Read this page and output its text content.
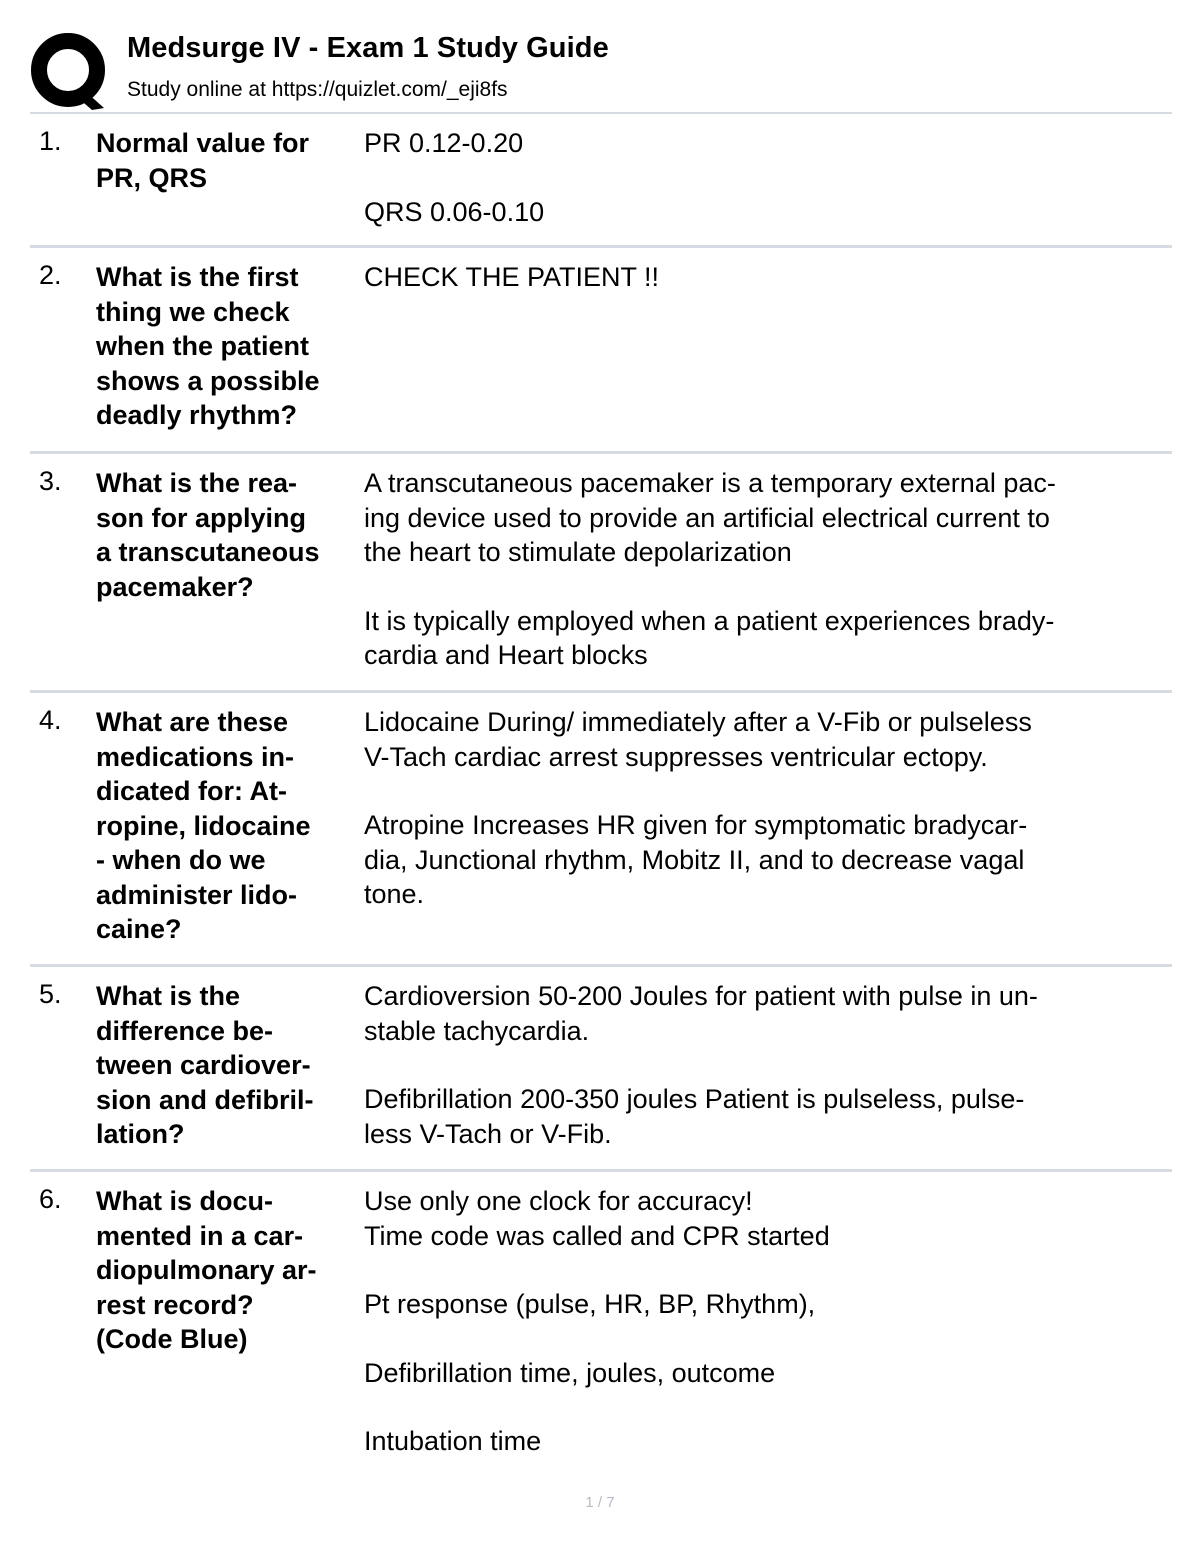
Medsurge IV - Exam 1 Study Guide
Study online at https://quizlet.com/_eji8fs
1. Normal value for
PR, QRS

PR 0.12-0.20

QRS 0.06-0.10

2. What is the first
thing we check
when the patient
shows a possible
deadly rhythm?

CHECK THE PATIENT !!

3. What is the rea-
son for applying
a transcutaneous
pacemaker?

A transcutaneous pacemaker is a temporary external pac-
ing device used to provide an artificial electrical current to
the heart to stimulate depolarization

It is typically employed when a patient experiences brady-
cardia and Heart blocks

4. What are these
medications in-
dicated for: At-
ropine, lidocaine
- when do we
administer lido-
caine?

Lidocaine During/ immediately after a V-Fib or pulseless
V-Tach cardiac arrest suppresses ventricular ectopy.

Atropine Increases HR given for symptomatic bradycar-
dia, Junctional rhythm, Mobitz II, and to decrease vagal
tone.

5. What is the
difference be-
tween cardiover-
sion and defibril-
lation?

Cardioversion 50-200 Joules for patient with pulse in un-
stable tachycardia.

Defibrillation 200-350 joules Patient is pulseless, pulse-
less V-Tach or V-Fib.

6. What is docu-
mented in a car-
diopulmonary ar-
rest record?
(Code Blue)

Use only one clock for accuracy!

Time code was called and CPR started

Pt response (pulse, HR, BP, Rhythm),

Defibrillation time, joules, outcome

Intubation time

1 / 7
